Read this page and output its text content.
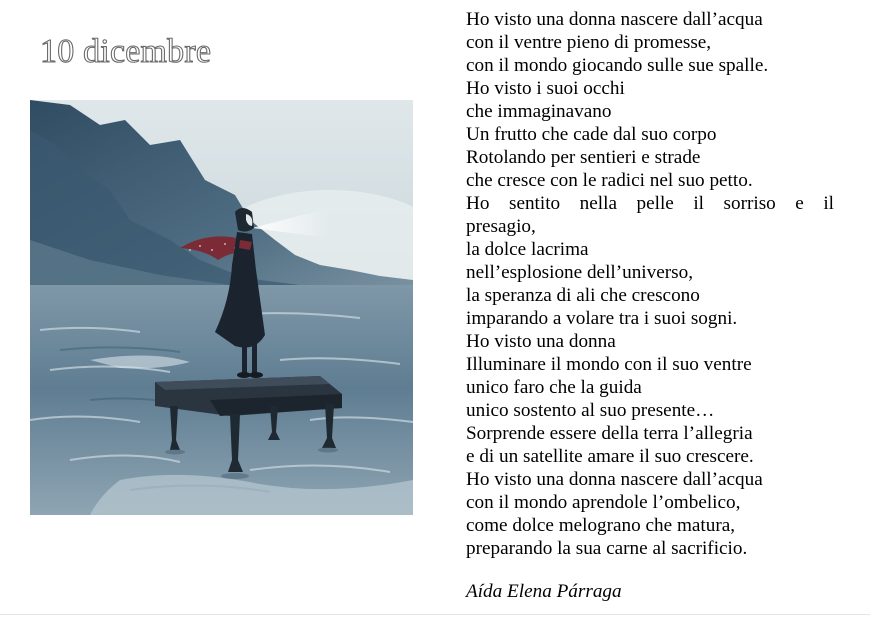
10 dicembre
Ho visto una donna nascere dall’acqua
con il ventre pieno di promesse,
con il mondo giocando sulle sue spalle.
Ho visto i suoi occhi
che immaginavano
Un frutto che cade dal suo corpo
Rotolando per sentieri e strade
che cresce con le radici nel suo petto.
Ho sentito nella pelle il sorriso e il
presagio,
la dolce lacrima
nell’esplosione dell’universo,
la speranza di ali che crescono
imparando a volare tra i suoi sogni.
Ho visto una donna
Illuminare il mondo con il suo ventre
unico faro che la guida
unico sostento al suo presente…
Sorprende essere della terra l’allegria
e di un satellite amare il suo crescere.
Ho visto una donna nascere dall’acqua
con il mondo aprendole l’ombelico,
come dolce melograno che matura,
preparando la sua carne al sacrificio.
Aída Elena Párraga
